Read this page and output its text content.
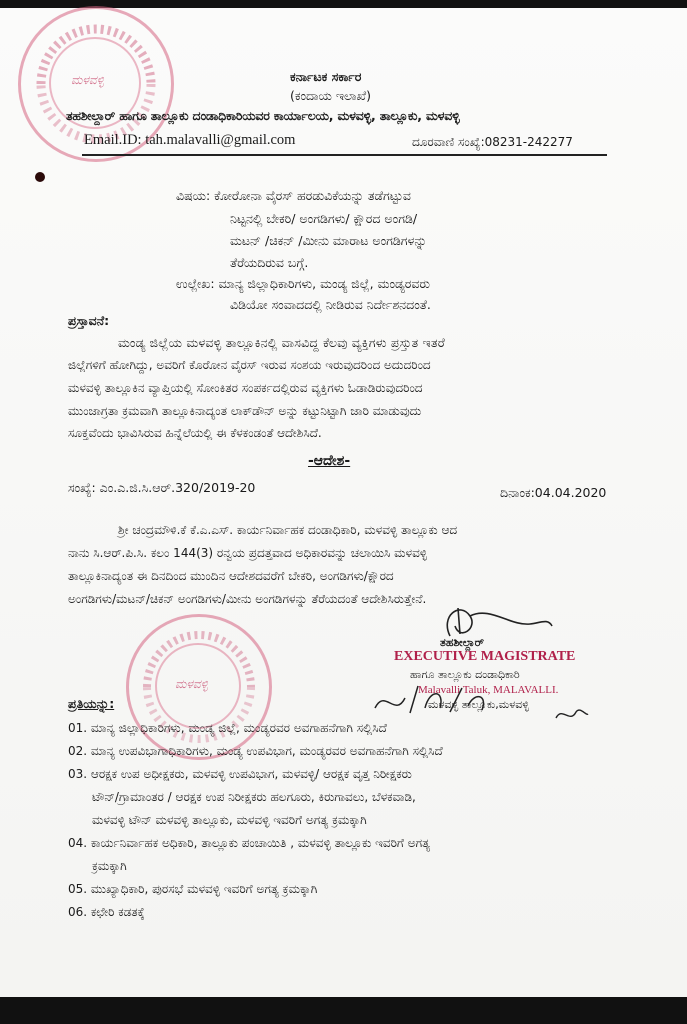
ಮಳವಳ್ಳಿ	ಕರ್ನಾಟಕ ಸರ್ಕಾರ
(ಕಂದಾಯ ಇಲಾಖೆ)
ತಹಶೀಲ್ದಾರ್ ಹಾಗೂ ತಾಲ್ಲೂಕು ದಂಡಾಧಿಕಾರಿಯವರ ಕಾರ್ಯಾಲಯ, ಮಳವಳ್ಳಿ, ತಾಲ್ಲೂಕು, ಮಳವಳ್ಳಿ
Email.ID: tah.malavalli@gmail.com	ದೂರವಾಣಿ ಸಂಖ್ಯೆ:08231-242277
ವಿಷಯ: ಕೋರೋನಾ ವೈರಸ್ ಹರಡುವಿಕೆಯನ್ನು ತಡೆಗಟ್ಟುವ
ನಿಟ್ಟನಲ್ಲಿ ಬೇಕರಿ/ ಅಂಗಡಿಗಳು/ ಕ್ಷೌರದ ಅಂಗಡಿ/
ಮಟನ್ /ಚಿಕನ್ /ಮೀನು ಮಾರಾಟ ಅಂಗಡಿಗಳನ್ನು
ತೆರೆಯದಿರುವ ಬಗ್ಗೆ.
ಉಲ್ಲೇಖ: ಮಾನ್ಯ ಜಿಲ್ಲಾಧಿಕಾರಿಗಳು, ಮಂಡ್ಯ ಜಿಲ್ಲೆ, ಮಂಡ್ಯರವರು
ವಿಡಿಯೋ ಸಂವಾದದಲ್ಲಿ ನೀಡಿರುವ ನಿರ್ದೇಶನದಂತೆ.
ಪ್ರಸ್ತಾವನೆ:
ಮಂಡ್ಯ ಜಿಲ್ಲೆಯ ಮಳವಳ್ಳಿ ತಾಲ್ಲೂಕಿನಲ್ಲಿ ವಾಸವಿದ್ದ ಕೆಲವು ವ್ಯಕ್ತಿಗಳು ಪ್ರಸ್ತುತ ಇತರೆ
ಜಿಲ್ಲೆಗಳಿಗೆ ಹೋಗಿದ್ದು, ಅವರಿಗೆ ಕೊರೋನ ವೈರಸ್ ಇರುವ ಸಂಶಯ ಇರುವುದರಿಂದ ಅದುದರಿಂದ
ಮಳವಳ್ಳಿ ತಾಲ್ಲೂಕಿನ ವ್ಯಾಪ್ತಿಯಲ್ಲಿ ಸೋಂಕಿತರ ಸಂಪರ್ಕದಲ್ಲಿರುವ ವ್ಯಕ್ತಿಗಳು ಓಡಾಡಿರುವುದರಿಂದ
ಮುಂಜಾಗ್ರತಾ ಕ್ರಮವಾಗಿ ತಾಲ್ಲೂಕಿನಾದ್ಯಂತ ಲಾಕ್‌ಡೌನ್ ಅನ್ನು ಕಟ್ಟುನಿಟ್ಟಾಗಿ ಜಾರಿ ಮಾಡುವುದು
ಸೂಕ್ತವೆಂದು ಭಾವಿಸಿರುವ ಹಿನ್ನೆಲೆಯಲ್ಲಿ ಈ ಕೆಳಕಂಡಂತೆ ಆದೇಶಿಸಿದೆ.
-ಆದೇಶ-
ಸಂಖ್ಯೆ: ಎಂ.ಎ.ಜಿ.ಸಿ.ಆರ್.320/2019-20	ದಿನಾಂಕ:04.04.2020
ಶ್ರೀ ಚಂದ್ರಮೌಳಿ.ಕೆ ಕೆ.ಎ.ಎಸ್. ಕಾರ್ಯನಿರ್ವಾಹಕ ದಂಡಾಧಿಕಾರಿ, ಮಳವಳ್ಳಿ ತಾಲ್ಲೂಕು ಆದ
ನಾನು ಸಿ.ಆರ್.ಪಿ.ಸಿ. ಕಲಂ 144(3) ರನ್ವಯ ಪ್ರದತ್ತವಾದ ಅಧಿಕಾರವನ್ನು ಚಲಾಯಿಸಿ ಮಳವಳ್ಳಿ
ತಾಲ್ಲೂಕಿನಾದ್ಯಂತ ಈ ದಿನದಿಂದ ಮುಂದಿನ ಆದೇಶದವರೆಗೆ ಬೇಕರಿ, ಅಂಗಡಿಗಳು/ಕ್ಷೌರದ
ಅಂಗಡಿಗಳು/ಮಟನ್/ಚಿಕನ್ ಅಂಗಡಿಗಳು/ಮೀನು ಅಂಗಡಿಗಳನ್ನು ತೆರೆಯದಂತೆ ಆದೇಶಿಸಿರುತ್ತೇನೆ.
ಮಳವಳ್ಳಿ
ತಹಶೀಲ್ದಾರ್
EXECUTIVE MAGISTRATE
ಹಾಗೂ ತಾಲ್ಲೂಕು ದಂಡಾಧಿಕಾರಿ
Malavalli Taluk, MALAVALLI.
ಮಳವಳ್ಳಿ ತಾಲ್ಲೂಕು,ಮಳವಳ್ಳಿ
ಪ್ರತಿಯನ್ನು:
01. ಮಾನ್ಯ ಜಿಲ್ಲಾಧಿಕಾರಿಗಳು, ಮಂಡ್ಯ ಜಿಲ್ಲೆ, ಮಂಡ್ಯರವರ ಅವಗಾಹನೆಗಾಗಿ ಸಲ್ಲಿಸಿದೆ
02. ಮಾನ್ಯ ಉಪವಿಭಾಗಾಧಿಕಾರಿಗಳು, ಮಂಡ್ಯ ಉಪವಿಭಾಗ, ಮಂಡ್ಯರವರ ಅವಗಾಹನೆಗಾಗಿ ಸಲ್ಲಿಸಿದೆ
03. ಆರಕ್ಷಕ ಉಪ ಅಧೀಕ್ಷಕರು, ಮಳವಳ್ಳಿ ಉಪವಿಭಾಗ, ಮಳವಳ್ಳಿ/ ಆರಕ್ಷಕ ವೃತ್ತ ನಿರೀಕ್ಷಕರು
ಟೌನ್/ಗ್ರಾಮಾಂತರ / ಆರಕ್ಷಕ ಉಪ ನಿರೀಕ್ಷಕರು ಹಲಗೂರು, ಕಿರುಗಾವಲು, ಬೆಳಕವಾಡಿ,
ಮಳವಳ್ಳಿ ಟೌನ್ ಮಳವಳ್ಳಿ ತಾಲ್ಲೂಕು, ಮಳವಳ್ಳಿ ಇವರಿಗೆ ಅಗತ್ಯ ಕ್ರಮಕ್ಕಾಗಿ
04. ಕಾರ್ಯನಿರ್ವಾಹಕ ಅಧಿಕಾರಿ, ತಾಲ್ಲೂಕು ಪಂಚಾಯಿತಿ , ಮಳವಳ್ಳಿ ತಾಲ್ಲೂಕು ಇವರಿಗೆ ಅಗತ್ಯ
ಕ್ರಮಕ್ಕಾಗಿ
05. ಮುಖ್ಯಾಧಿಕಾರಿ, ಪುರಸಭೆ ಮಳವಳ್ಳಿ ಇವರಿಗೆ ಅಗತ್ಯ ಕ್ರಮಕ್ಕಾಗಿ
06. ಕಛೇರಿ ಕಡತಕ್ಕೆ
